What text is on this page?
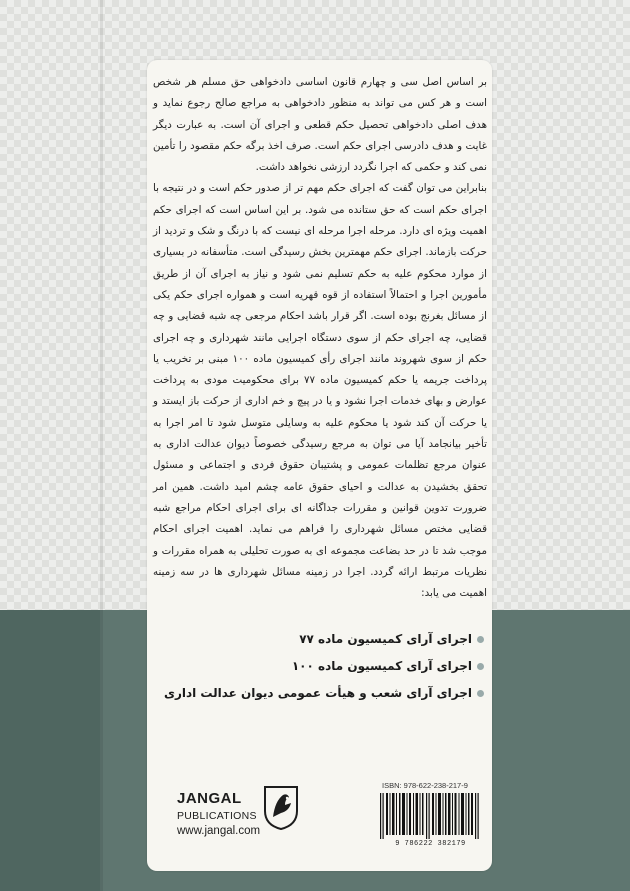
بر اساس اصل سی و چهارم قانون اساسی دادخواهی حق مسلم هر شخص است و هر کس می تواند به منظور دادخواهی به مراجع صالح رجوع نماید و هدف اصلی دادخواهی تحصیل حکم قطعی و اجرای آن است. به عبارت دیگر غایت و هدف دادرسی اجرای حکم است. صرف اخذ برگه حکم مقصود را تأمین نمی کند و حکمی که اجرا نگردد ارزشی نخواهد داشت.

بنابراین می توان گفت که اجرای حکم مهم تر از صدور حکم است و در نتیجه با اجرای حکم است که حق ستانده می شود. بر این اساس است که اجرای حکم اهمیت ویژه ای دارد. مرحله اجرا مرحله ای نیست که با درنگ و شک و تردید از حرکت بازماند. اجرای حکم مهمترین بخش رسیدگی است. متأسفانه در بسیاری از موارد محکوم علیه به حکم تسلیم نمی شود و نیاز به اجرای آن از طریق مأمورین اجرا و احتمالاً استفاده از قوه قهریه است و همواره اجرای حکم یکی از مسائل بغرنج بوده است. اگر قرار باشد احکام مرجعی چه شبه قضایی و چه قضایی، چه اجرای حکم از سوی دستگاه اجرایی مانند شهرداری و چه اجرای حکم از سوی شهروند مانند اجرای رأی کمیسیون ماده ۱۰۰ مبنی بر تخریب یا پرداخت جریمه یا حکم کمیسیون ماده ۷۷ برای محکومیت مودی به پرداخت عوارض و بهای خدمات اجرا نشود و یا در پیچ و خم اداری از حرکت باز ایستد و یا حرکت آن کند شود یا محکوم علیه به وسایلی متوسل شود تا امر اجرا به تأخیر بیانجامد آیا می توان به مرجع رسیدگی خصوصاً دیوان عدالت اداری به عنوان مرجع تظلمات عمومی و پشتیبان حقوق فردی و اجتماعی و مسئول تحقق بخشیدن به عدالت و احیای حقوق عامه چشم امید داشت. همین امر ضرورت تدوین قوانین و مقررات جداگانه ای برای اجرای احکام مراجع شبه قضایی مختص مسائل شهرداری را فراهم می نماید. اهمیت اجرای احکام موجب شد تا در حد بضاعت مجموعه ای به صورت تحلیلی به همراه مقررات و نظریات مرتبط ارائه گردد. اجرا در زمینه مسائل شهرداری ها در سه زمینه اهمیت می یابد:

اجرای آرای کمیسیون ماده ۷۷
اجرای آرای کمیسیون ماده ۱۰۰
اجرای آرای شعب و هیأت عمومی دیوان عدالت اداری
JANGAL
PUBLICATIONS
www.jangal.com
ISBN: 978-622-238-217-9
9 786222 382179
